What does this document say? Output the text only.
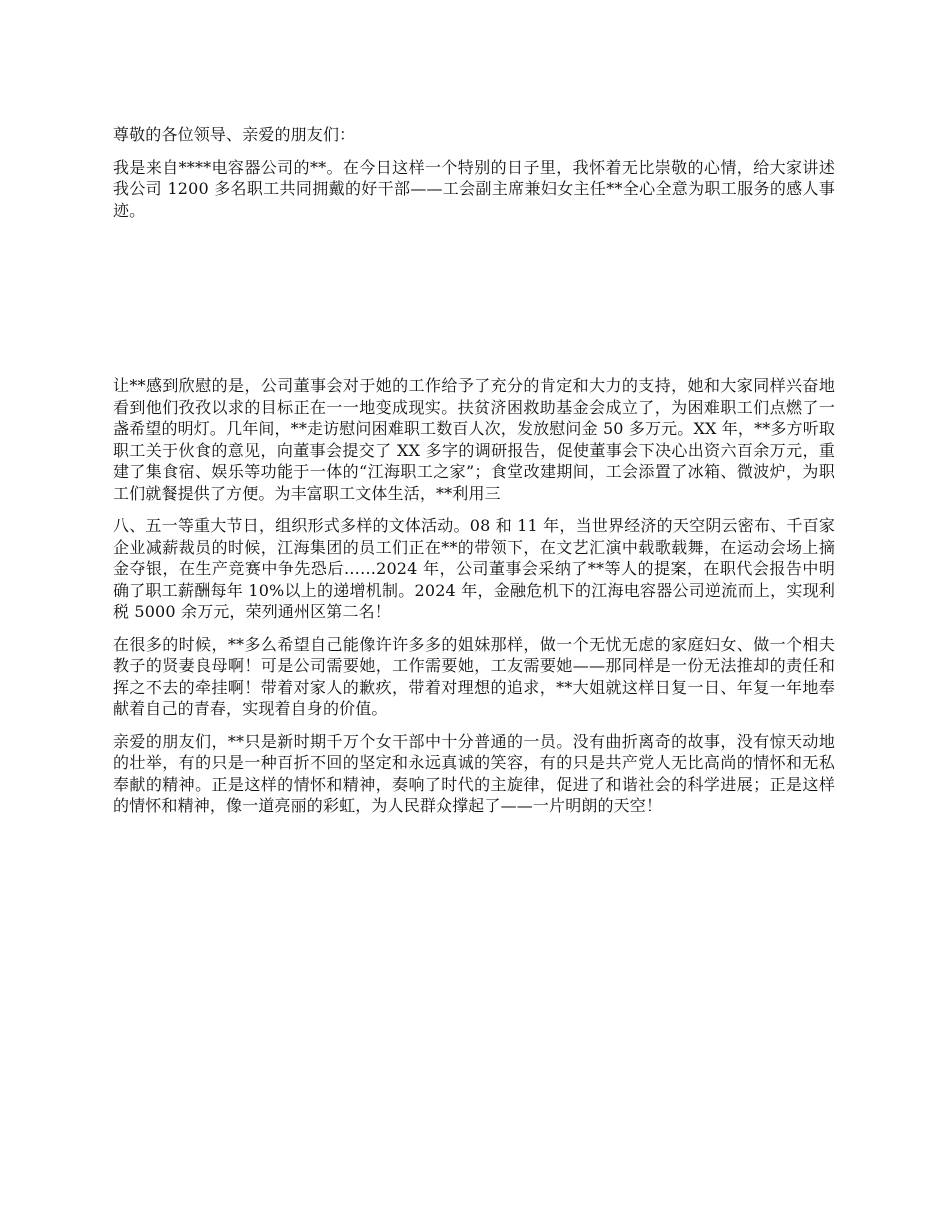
尊敬的各位领导、亲爱的朋友们：

我是来自****电容器公司的**。在今日这样一个特别的日子里，我怀着无比崇敬的心情，给大家讲述我公司 1200 多名职工共同拥戴的好干部——工会副主席兼妇女主任**全心全意为职工服务的感人事迹。

让**感到欣慰的是，公司董事会对于她的工作给予了充分的肯定和大力的支持，她和大家同样兴奋地看到他们孜孜以求的目标正在一一地变成现实。扶贫济困救助基金会成立了，为困难职工们点燃了一盏希望的明灯。几年间，**走访慰问困难职工数百人次，发放慰问金 50 多万元。XX 年，**多方听取职工关于伙食的意见，向董事会提交了 XX 多字的调研报告，促使董事会下决心出资六百余万元，重建了集食宿、娱乐等功能于一体的“江海职工之家”；食堂改建期间，工会添置了冰箱、微波炉，为职工们就餐提供了方便。为丰富职工文体生活，**利用三

八、五一等重大节日，组织形式多样的文体活动。08 和 11 年，当世界经济的天空阴云密布、千百家企业减薪裁员的时候，江海集团的员工们正在**的带领下，在文艺汇演中载歌载舞，在运动会场上摘金夺银，在生产竞赛中争先恐后……2024 年，公司董事会采纳了**等人的提案，在职代会报告中明确了职工薪酬每年 10%以上的递增机制。2024 年，金融危机下的江海电容器公司逆流而上，实现利税 5000 余万元，荣列通州区第二名！

在很多的时候，**多么希望自己能像许许多多的姐妹那样，做一个无忧无虑的家庭妇女、做一个相夫教子的贤妻良母啊！可是公司需要她，工作需要她，工友需要她——那同样是一份无法推却的责任和挥之不去的牵挂啊！带着对家人的歉疚，带着对理想的追求，**大姐就这样日复一日、年复一年地奉献着自己的青春，实现着自身的价值。

亲爱的朋友们，**只是新时期千万个女干部中十分普通的一员。没有曲折离奇的故事，没有惊天动地的壮举，有的只是一种百折不回的坚定和永远真诚的笑容，有的只是共产党人无比高尚的情怀和无私奉献的精神。正是这样的情怀和精神，奏响了时代的主旋律，促进了和谐社会的科学进展；正是这样的情怀和精神，像一道亮丽的彩虹，为人民群众撑起了——一片明朗的天空！
